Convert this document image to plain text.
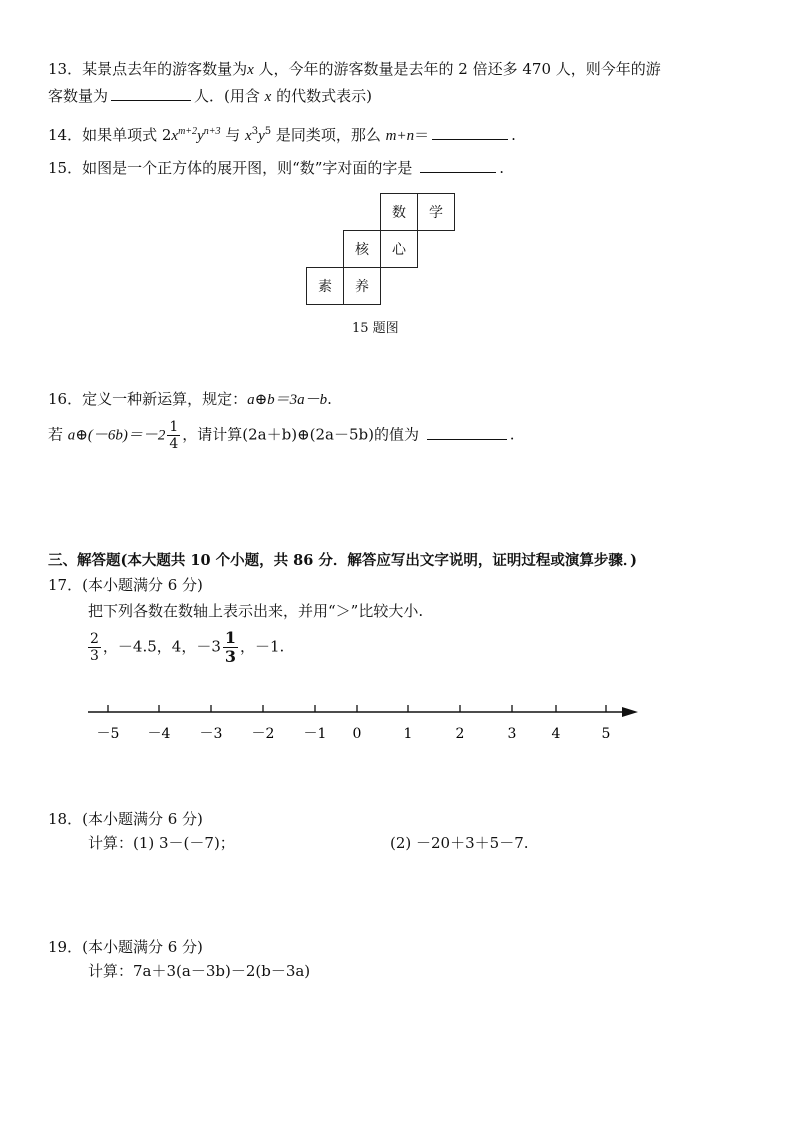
13．某景点去年的游客数量为x 人，今年的游客数量是去年的 2 倍还多 470 人，则今年的游
客数量为	人．(用含 x 的代数式表示)
14．如果单项式 $2x^{m+2}y^{n+3}$ 与 $x^3y^5$ 是同类项，那么 m+n＝	.
15．如图是一个正方体的展开图，则“数”字对面的字是	.
数	学
核	心
素	养
15 题图
16．定义一种新运算，规定：a⊕b＝3a－b.
若 a⊕(－6b)＝－2 $\frac{1}{4}$ ，请计算(2a＋b)⊕(2a－5b)的值为	.
三、解答题(本大题共 10 个小题，共 86 分．解答应写出文字说明，证明过程或演算步骤．)
17．(本小题满分 6 分)
把下列各数在数轴上表示出来，并用“＞”比较大小.
$\frac{2}{3}$ ，－4.5，4，$-3 \frac{1}{3}$ ，－1.
－5 －4 －3 －2 －1 0	1	2	3	4	5
18．(本小题满分 6 分)
计算：(1) 3－(－7)；	(2) －20＋3＋5－7.
19．(本小题满分 6 分)
计算：7a＋3(a－3b)－2(b－3a)
